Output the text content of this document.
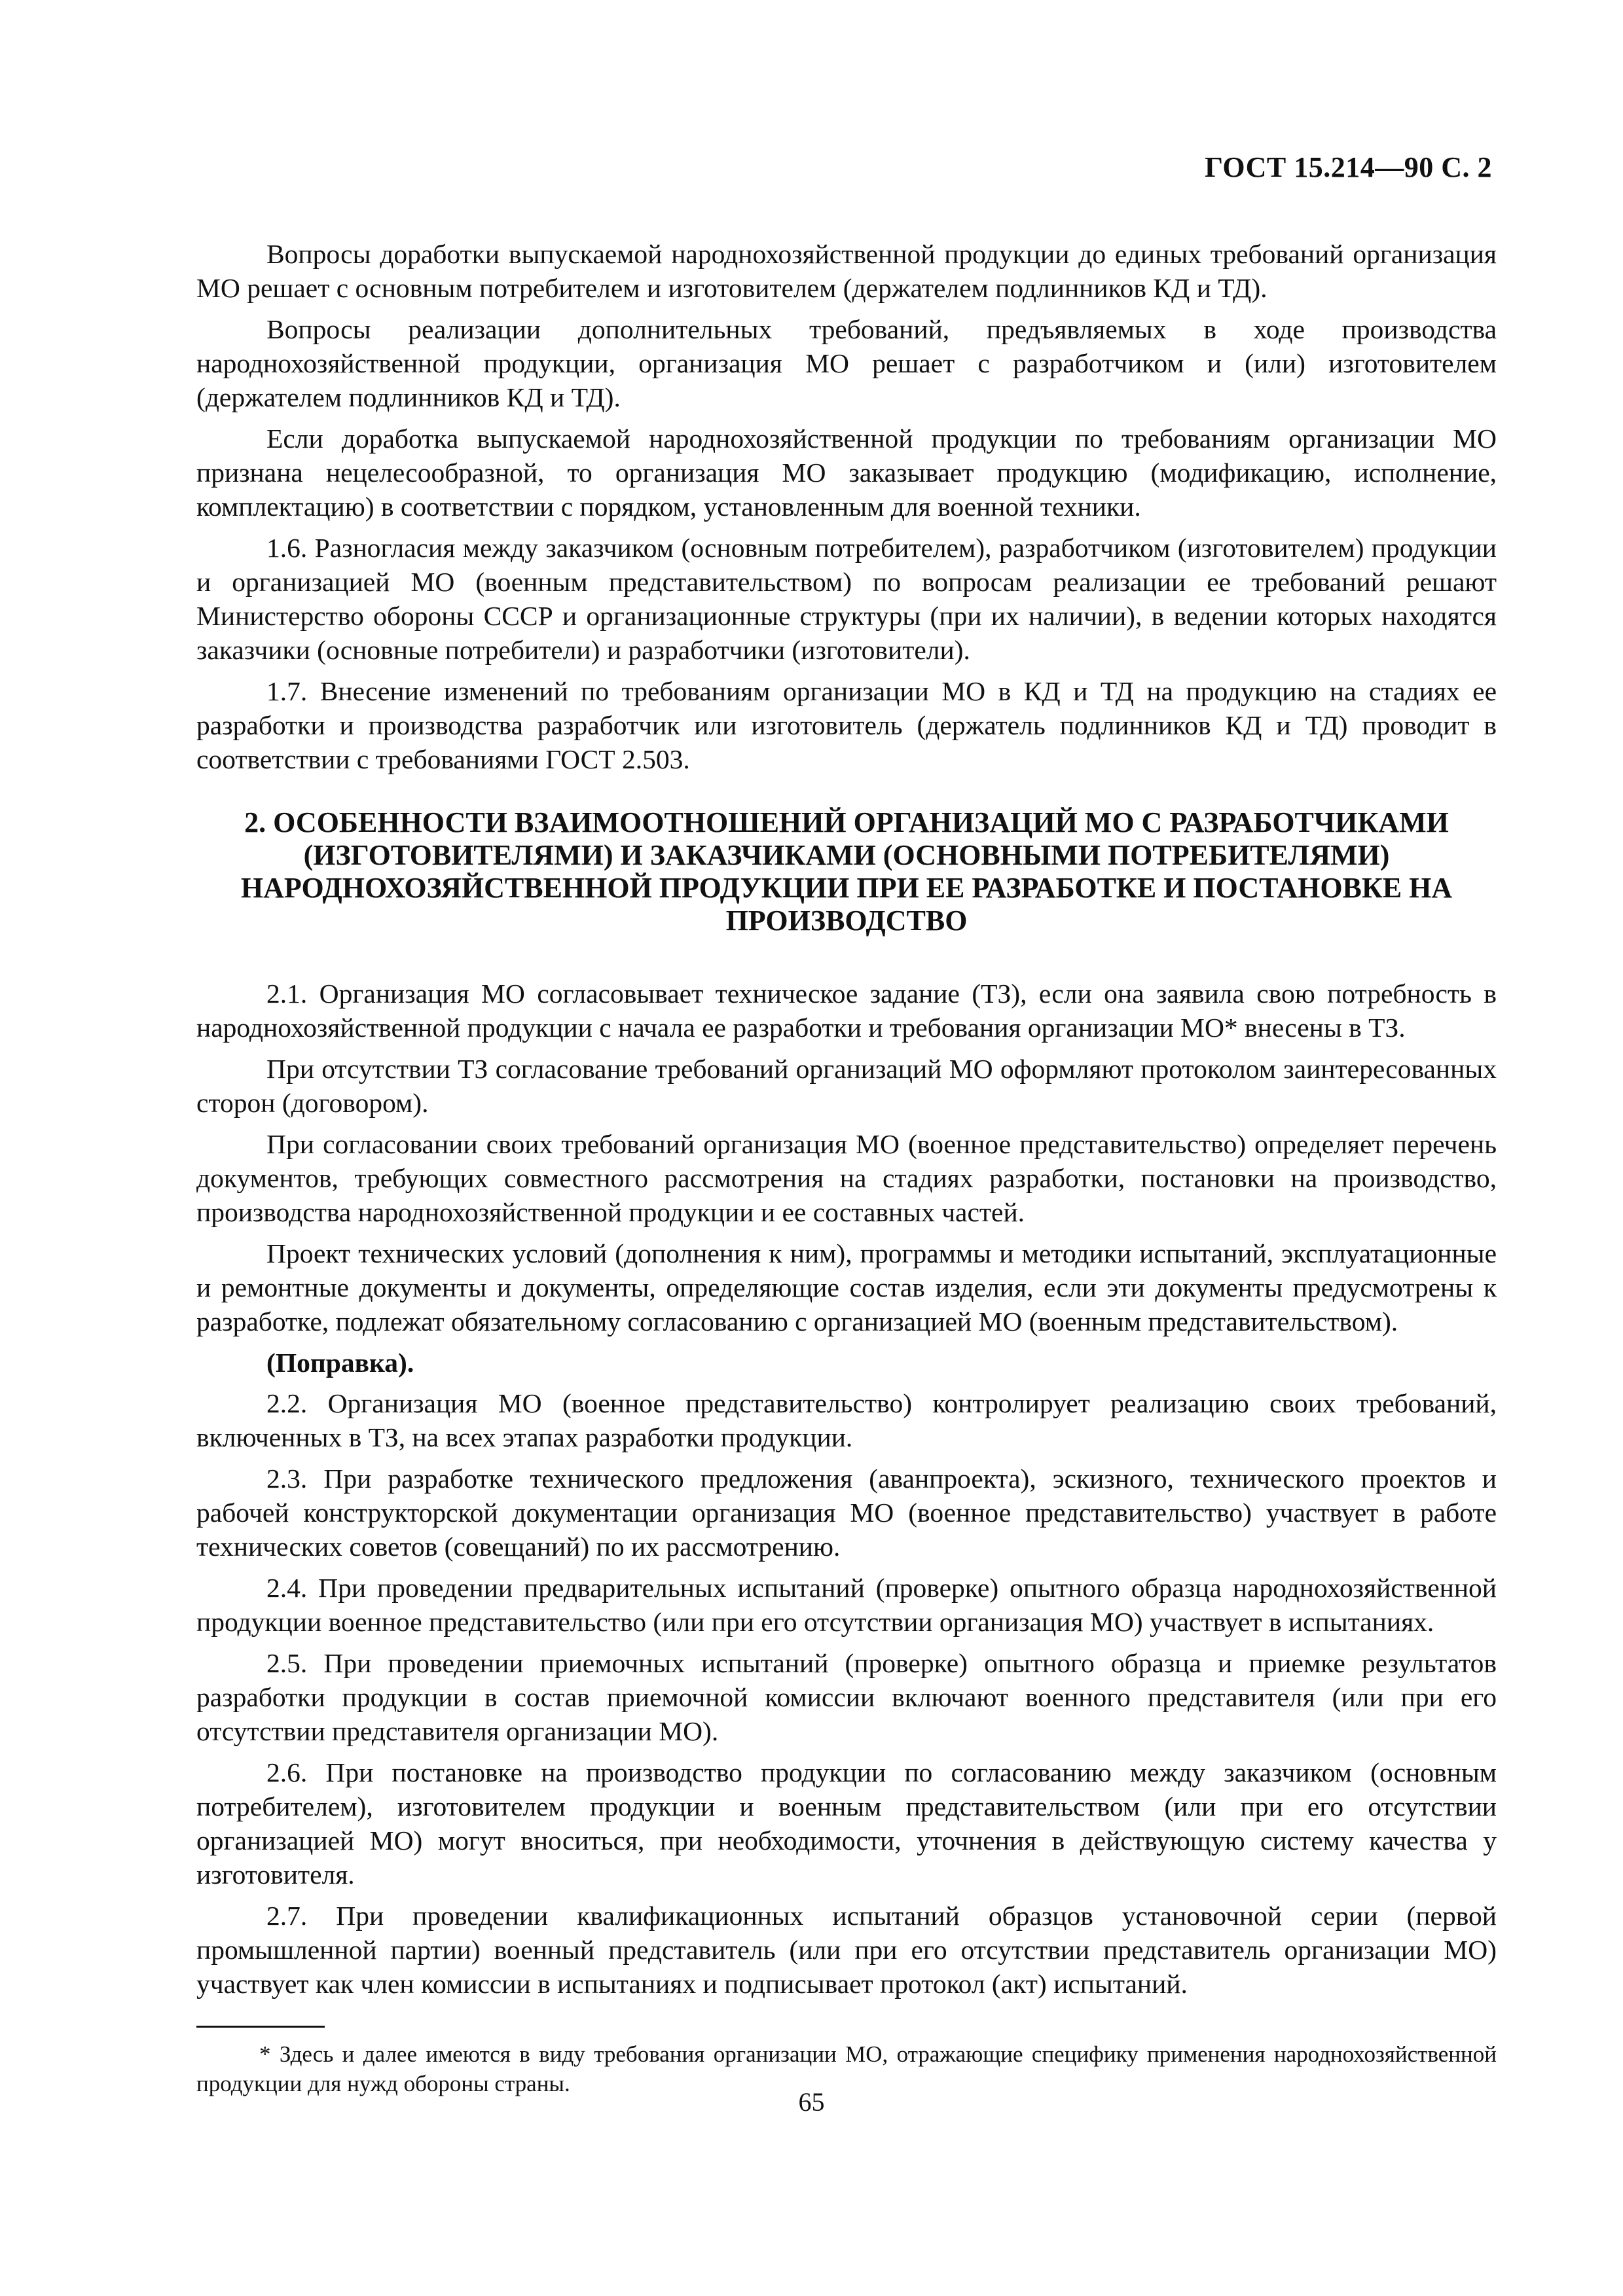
ГОСТ 15.214—90 С. 2

Вопросы доработки выпускаемой народнохозяйственной продукции до единых требований организация МО решает с основным потребителем и изготовителем (держателем подлинников КД и ТД).

Вопросы реализации дополнительных требований, предъявляемых в ходе производства народнохозяйственной продукции, организация МО решает с разработчиком и (или) изготовителем (держателем подлинников КД и ТД).

Если доработка выпускаемой народнохозяйственной продукции по требованиям организации МО признана нецелесообразной, то организация МО заказывает продукцию (модификацию, исполнение, комплектацию) в соответствии с порядком, установленным для военной техники.

1.6. Разногласия между заказчиком (основным потребителем), разработчиком (изготовителем) продукции и организацией МО (военным представительством) по вопросам реализации ее требований решают Министерство обороны СССР и организационные структуры (при их наличии), в ведении которых находятся заказчики (основные потребители) и разработчики (изготовители).

1.7. Внесение изменений по требованиям организации МО в КД и ТД на продукцию на стадиях ее разработки и производства разработчик или изготовитель (держатель подлинников КД и ТД) проводит в соответствии с требованиями ГОСТ 2.503.

2. ОСОБЕННОСТИ ВЗАИМООТНОШЕНИЙ ОРГАНИЗАЦИЙ МО С РАЗРАБОТЧИКАМИ (ИЗГОТОВИТЕЛЯМИ) И ЗАКАЗЧИКАМИ (ОСНОВНЫМИ ПОТРЕБИТЕЛЯМИ) НАРОДНОХОЗЯЙСТВЕННОЙ ПРОДУКЦИИ ПРИ ЕЕ РАЗРАБОТКЕ И ПОСТАНОВКЕ НА ПРОИЗВОДСТВО

2.1. Организация МО согласовывает техническое задание (ТЗ), если она заявила свою потребность в народнохозяйственной продукции с начала ее разработки и требования организации МО* внесены в ТЗ.

При отсутствии ТЗ согласование требований организаций МО оформляют протоколом заинтересованных сторон (договором).

При согласовании своих требований организация МО (военное представительство) определяет перечень документов, требующих совместного рассмотрения на стадиях разработки, постановки на производство, производства народнохозяйственной продукции и ее составных частей.

Проект технических условий (дополнения к ним), программы и методики испытаний, эксплуатационные и ремонтные документы и документы, определяющие состав изделия, если эти документы предусмотрены к разработке, подлежат обязательному согласованию с организацией МО (военным представительством).

(Поправка).

2.2. Организация МО (военное представительство) контролирует реализацию своих требований, включенных в ТЗ, на всех этапах разработки продукции.

2.3. При разработке технического предложения (аванпроекта), эскизного, технического проектов и рабочей конструкторской документации организация МО (военное представительство) участвует в работе технических советов (совещаний) по их рассмотрению.

2.4. При проведении предварительных испытаний (проверке) опытного образца народнохозяйственной продукции военное представительство (или при его отсутствии организация МО) участвует в испытаниях.

2.5. При проведении приемочных испытаний (проверке) опытного образца и приемке результатов разработки продукции в состав приемочной комиссии включают военного представителя (или при его отсутствии представителя организации МО).

2.6. При постановке на производство продукции по согласованию между заказчиком (основным потребителем), изготовителем продукции и военным представительством (или при его отсутствии организацией МО) могут вноситься, при необходимости, уточнения в действующую систему качества у изготовителя.

2.7. При проведении квалификационных испытаний образцов установочной серии (первой промышленной партии) военный представитель (или при его отсутствии представитель организации МО) участвует как член комиссии в испытаниях и подписывает протокол (акт) испытаний.

* Здесь и далее имеются в виду требования организации МО, отражающие специфику применения народнохозяйственной продукции для нужд обороны страны.

65
